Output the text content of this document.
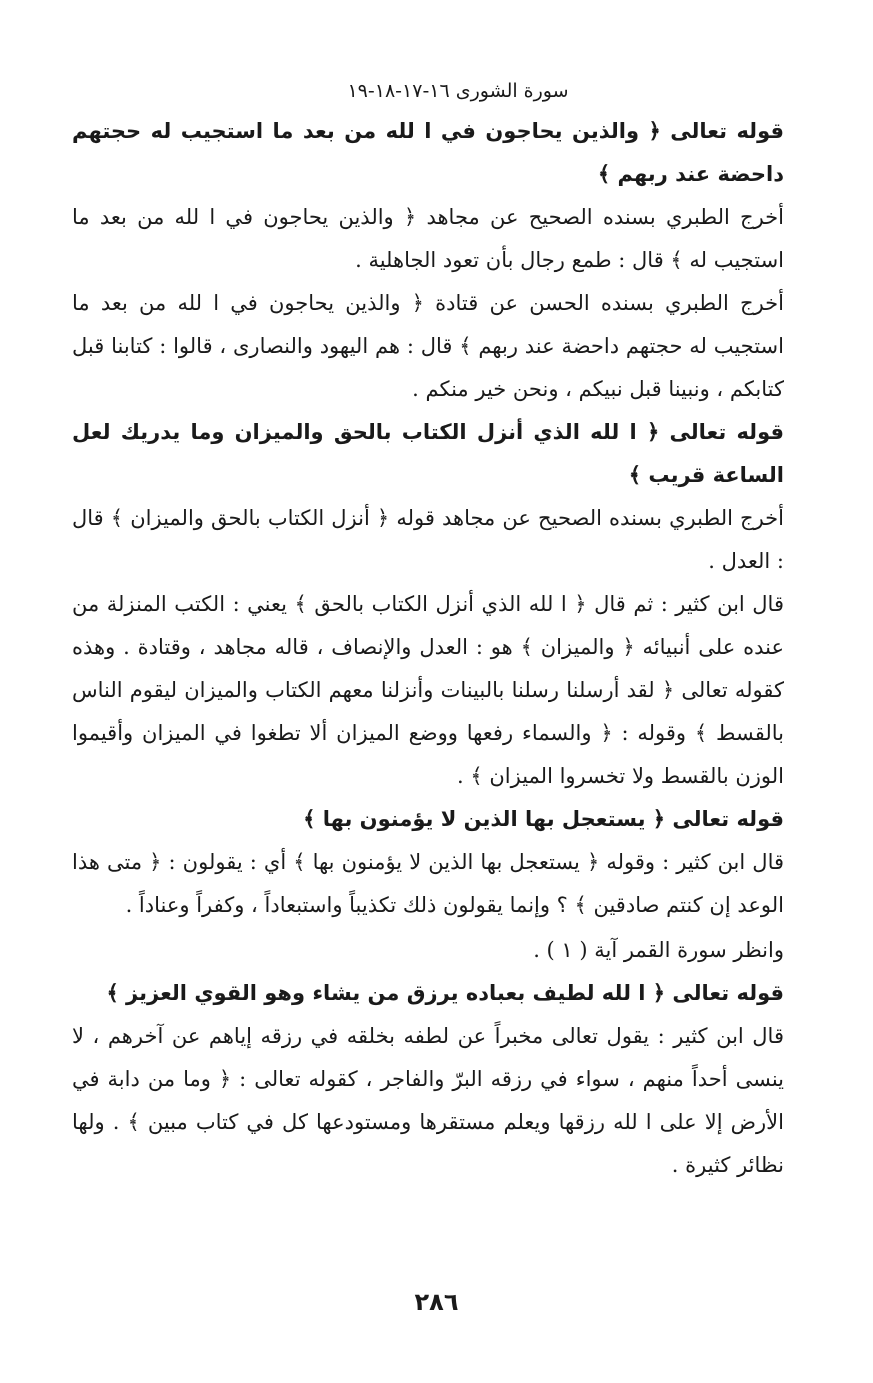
سورة الشورى ١٦-١٧-١٨-١٩

قوله تعالى ﴿ والذين يحاجون في ا لله من بعد ما استجيب له حجتهم داحضة عند ربهم ﴾

أخرج الطبري بسنده الصحيح عن مجاهد ﴿ والذين يحاجون في ا لله من بعد ما استجيب له ﴾ قال : طمع رجال بأن تعود الجاهلية .

أخرج الطبري بسنده الحسن عن قتادة ﴿ والذين يحاجون في ا لله من بعد ما استجيب له حجتهم داحضة عند ربهم ﴾ قال : هم اليهود والنصارى ، قالوا : كتابنا قبل كتابكم ، ونبينا قبل نبيكم ، ونحن خير منكم .

قوله تعالى ﴿ ا لله الذي أنزل الكتاب بالحق والميزان وما يدريك لعل الساعة قريب ﴾

أخرج الطبري بسنده الصحيح عن مجاهد قوله ﴿ أنزل الكتاب بالحق والميزان ﴾ قال : العدل .

قال ابن كثير : ثم قال ﴿ ا لله الذي أنزل الكتاب بالحق ﴾ يعني : الكتب المنزلة من عنده على أنبيائه ﴿ والميزان ﴾ هو : العدل والإنصاف ، قاله مجاهد ، وقتادة . وهذه كقوله تعالى ﴿ لقد أرسلنا رسلنا بالبينات وأنزلنا معهم الكتاب والميزان ليقوم الناس بالقسط ﴾ وقوله : ﴿ والسماء رفعها ووضع الميزان ألا تطغوا في الميزان وأقيموا الوزن بالقسط ولا تخسروا الميزان ﴾ .

قوله تعالى ﴿ يستعجل بها الذين لا يؤمنون بها ﴾

قال ابن كثير : وقوله ﴿ يستعجل بها الذين لا يؤمنون بها ﴾ أي : يقولون : ﴿ متى هذا الوعد إن كنتم صادقين ﴾ ؟ وإنما يقولون ذلك تكذيباً واستبعاداً ، وكفراً وعناداً .

وانظر سورة القمر آية ( ١ ) .

قوله تعالى ﴿ ا لله لطيف بعباده يرزق من يشاء وهو القوي العزيز ﴾

قال ابن كثير : يقول تعالى مخبراً عن لطفه بخلقه في رزقه إياهم عن آخرهم ، لا ينسى أحداً منهم ، سواء في رزقه البرّ والفاجر ، كقوله تعالى : ﴿ وما من دابة في الأرض إلا على ا لله رزقها ويعلم مستقرها ومستودعها كل في كتاب مبين ﴾ . ولها نظائر كثيرة .

٢٨٦
